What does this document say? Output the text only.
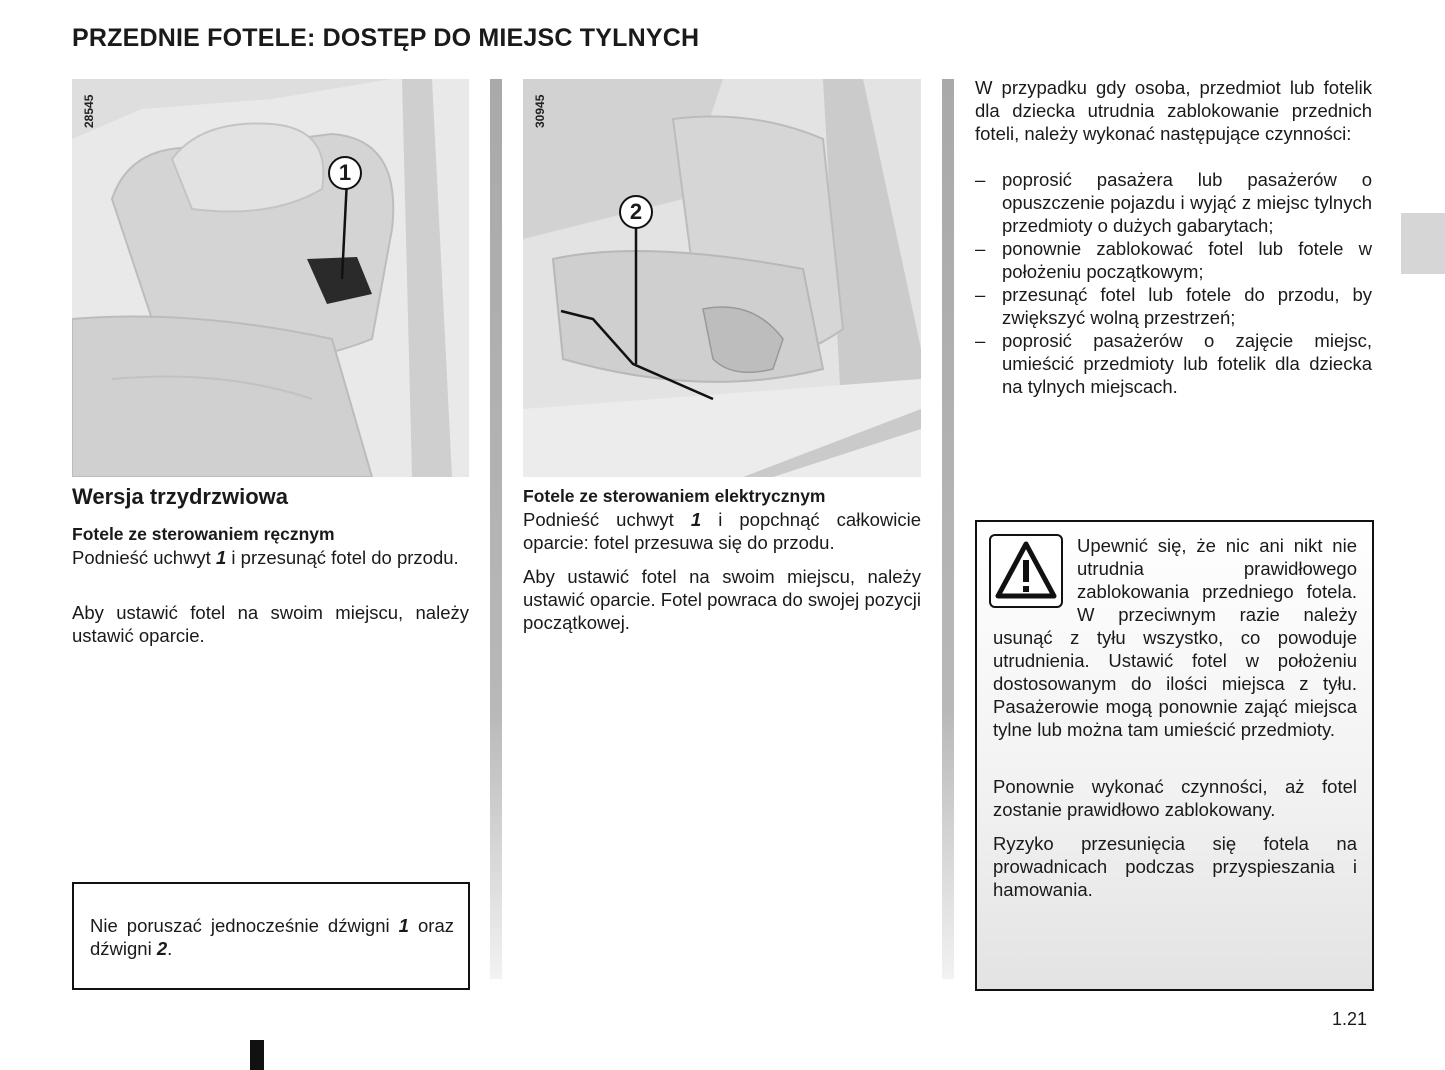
PRZEDNIE FOTELE: DOSTĘP DO MIEJSC TYLNYCH
1
28545
2
30945
Wersja trzydrzwiowa
Fotele ze sterowaniem ręcznym
Podnieść uchwyt 1 i przesunąć fotel do przodu.

Aby ustawić fotel na swoim miejscu, należy ustawić oparcie.

Nie poruszać jednocześnie dźwigni 1 oraz dźwigni 2.

Fotele ze sterowaniem elektrycznym
Podnieść uchwyt 1 i popchnąć całkowicie oparcie: fotel przesuwa się do przodu.

Aby ustawić fotel na swoim miejscu, należy ustawić oparcie. Fotel powraca do swojej pozycji początkowej.

W przypadku gdy osoba, przedmiot lub fotelik dla dziecka utrudnia zablokowanie przednich foteli, należy wykonać następujące czynności:

– poprosić pasażera lub pasażerów o opuszczenie pojazdu i wyjąć z miejsc tylnych przedmioty o dużych gabarytach;
– ponownie zablokować fotel lub fotele w położeniu początkowym;
– przesunąć fotel lub fotele do przodu, by zwiększyć wolną przestrzeń;
– poprosić pasażerów o zajęcie miejsc, umieścić przedmioty lub fotelik dla dziecka na tylnych miejscach.

Upewnić się, że nic ani nikt nie utrudnia prawidłowego zablokowania przedniego fotela. W przeciwnym razie należy usunąć z tyłu wszystko, co powoduje utrudnienia. Ustawić fotel w położeniu dostosowanym do ilości miejsca z tyłu. Pasażerowie mogą ponownie zająć miejsca tylne lub można tam umieścić przedmioty.

Ponownie wykonać czynności, aż fotel zostanie prawidłowo zablokowany.

Ryzyko przesunięcia się fotela na prowadnicach podczas przyspieszania i hamowania.

1.21
